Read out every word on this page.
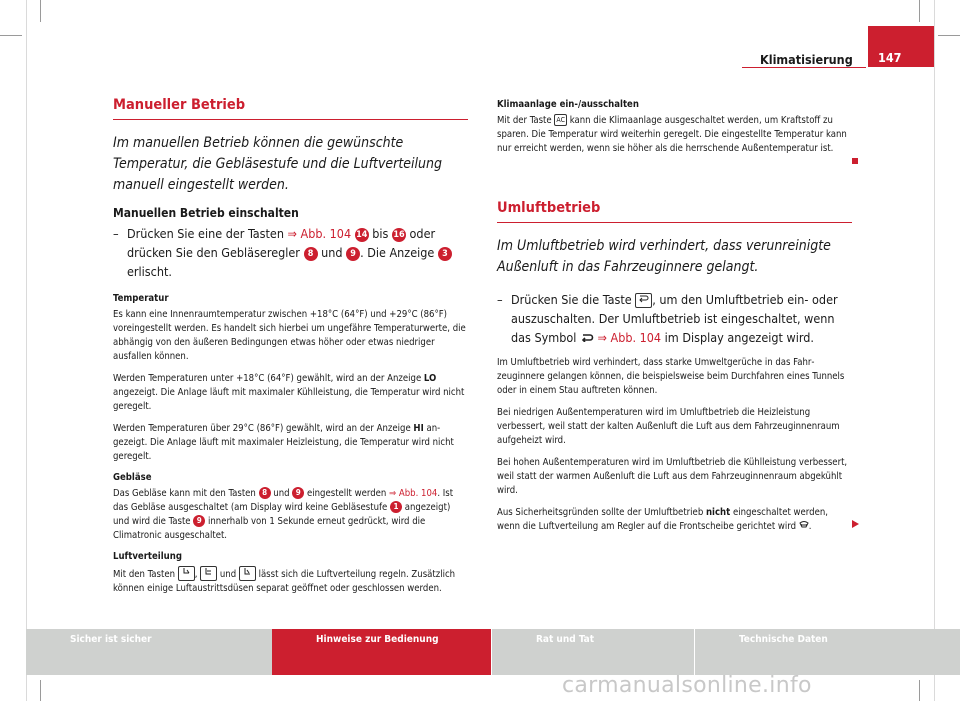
Klimatisierung	147
Manueller Betrieb
Im manuellen Betrieb können die gewünschte Temperatur, die Gebläsestufe und die Luftverteilung manuell eingestellt werden.
Manuellen Betrieb einschalten
– Drücken Sie eine der Tasten ⇒ Abb. 104 14 bis 16 oder drücken Sie den Gebläseregler 8 und 9 . Die Anzeige 3 erlischt.
Temperatur
Es kann eine Innenraumtemperatur zwischen +18°C (64°F) und +29°C (86°F) voreingestellt werden. Es handelt sich hierbei um ungefähre Temperaturwerte, die abhängig von den äußeren Bedingungen etwas höher oder etwas niedriger ausfallen können.
Werden Temperaturen unter +18°C (64°F) gewählt, wird an der Anzeige LO angezeigt. Die Anlage läuft mit maximaler Kühlleistung, die Temperatur wird nicht geregelt.
Werden Temperaturen über 29°C (86°F) gewählt, wird an der Anzeige HI angezeigt. Die Anlage läuft mit maximaler Heizleistung, die Temperatur wird nicht geregelt.
Gebläse
Das Gebläse kann mit den Tasten 8 und 9 eingestellt werden ⇒ Abb. 104. Ist das Gebläse ausgeschaltet (am Display wird keine Gebläsestufe 1 angezeigt) und wird die Taste 9 innerhalb von 1 Sekunde erneut gedrückt, wird die Climatronic ausgeschaltet.
Luftverteilung
Mit den Tasten ,  und  lässt sich die Luftverteilung regeln. Zusätzlich können einige Luftaustrittsdüsen separat geöffnet oder geschlossen werden.
Klimaanlage ein-/ausschalten
Mit der Taste AC kann die Klimaanlage ausgeschaltet werden, um Kraftstoff zu sparen. Die Temperatur wird weiterhin geregelt. Die eingestellte Temperatur kann nur erreicht werden, wenn sie höher als die herrschende Außentemperatur ist.
Umluftbetrieb
Im Umluftbetrieb wird verhindert, dass verunreinigte Außenluft in das Fahrzeuginnere gelangt.
– Drücken Sie die Taste , um den Umluftbetrieb ein- oder auszuschalten. Der Umluftbetrieb ist eingeschaltet, wenn das Symbol  ⇒ Abb. 104 im Display angezeigt wird.
Im Umluftbetrieb wird verhindert, dass starke Umweltgerüche in das Fahrzeuginnere gelangen können, die beispielsweise beim Durchfahren eines Tunnels oder in einem Stau auftreten können.
Bei niedrigen Außentemperaturen wird im Umluftbetrieb die Heizleistung verbessert, weil statt der kalten Außenluft die Luft aus dem Fahrzeuginnenraum aufgeheizt wird.
Bei hohen Außentemperaturen wird im Umluftbetrieb die Kühlleistung verbessert, weil statt der warmen Außenluft die Luft aus dem Fahrzeuginnenraum abgekühlt wird.
Aus Sicherheitsgründen sollte der Umluftbetrieb nicht eingeschaltet werden, wenn die Luftverteilung am Regler auf die Frontscheibe gerichtet wird .
Sicher ist sicher	Hinweise zur Bedienung	Rat und Tat	Technische Daten
carmanualsonline.info
